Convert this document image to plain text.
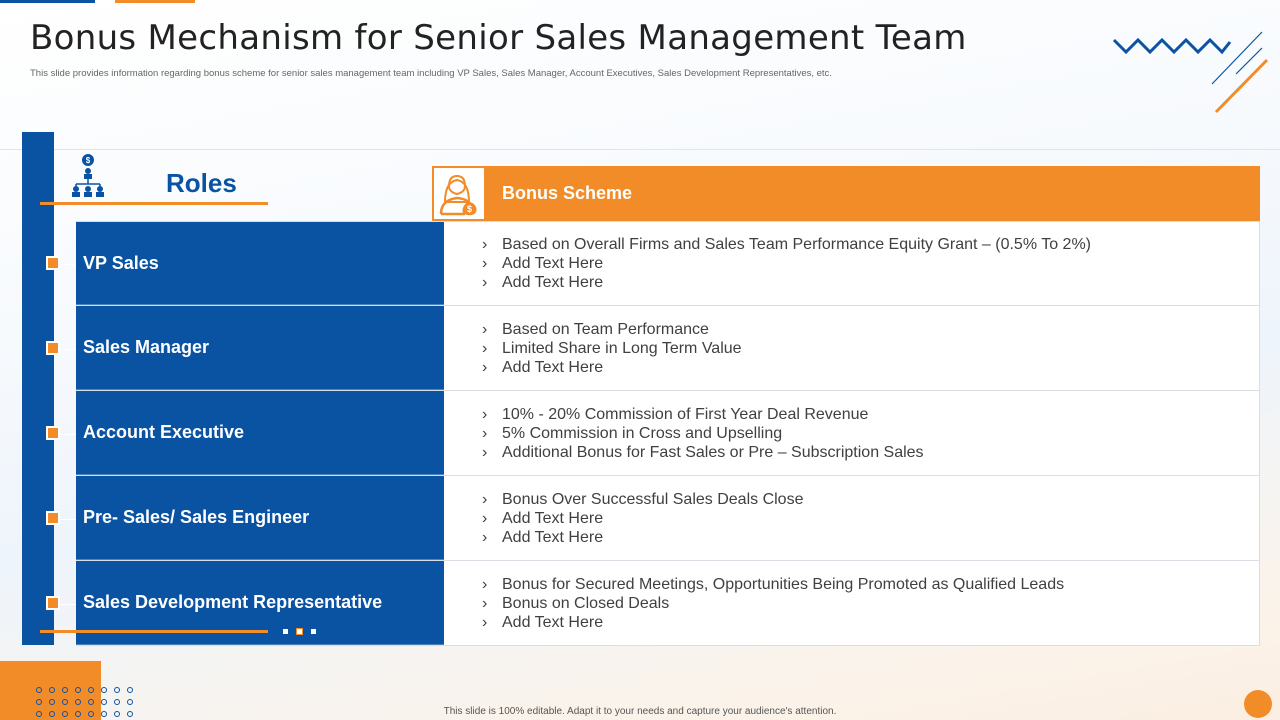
Bonus Mechanism for Senior Sales Management Team

This slide provides information regarding bonus scheme for senior sales management team including VP Sales, Sales Manager, Account Executives, Sales Development Representatives, etc.

$
es Roles
$
Bonus Scheme
VP Sales
› Based on Overall Firms and Sales Team Performance Equity Grant – (0.5% To 2%)
› Add Text Here
› Add Text Here
Sales Manager
› Based on Team Performance
› Limited Share in Long Term Value
› Add Text Here
Account Executive
› 10% - 20% Commission of First Year Deal Revenue
› 5% Commission in Cross and Upselling
› Additional Bonus for Fast Sales or Pre – Subscription Sales
Pre- Sales/ Sales Engineer
› Bonus Over Successful Sales Deals Close
› Add Text Here
› Add Text Here
Sales Development Representative
› Bonus for Secured Meetings, Opportunities Being Promoted as Qualified Leads
› Bonus on Closed Deals
› Add Text Here
This slide is 100% editable. Adapt it to your needs and capture your audience's attention.
